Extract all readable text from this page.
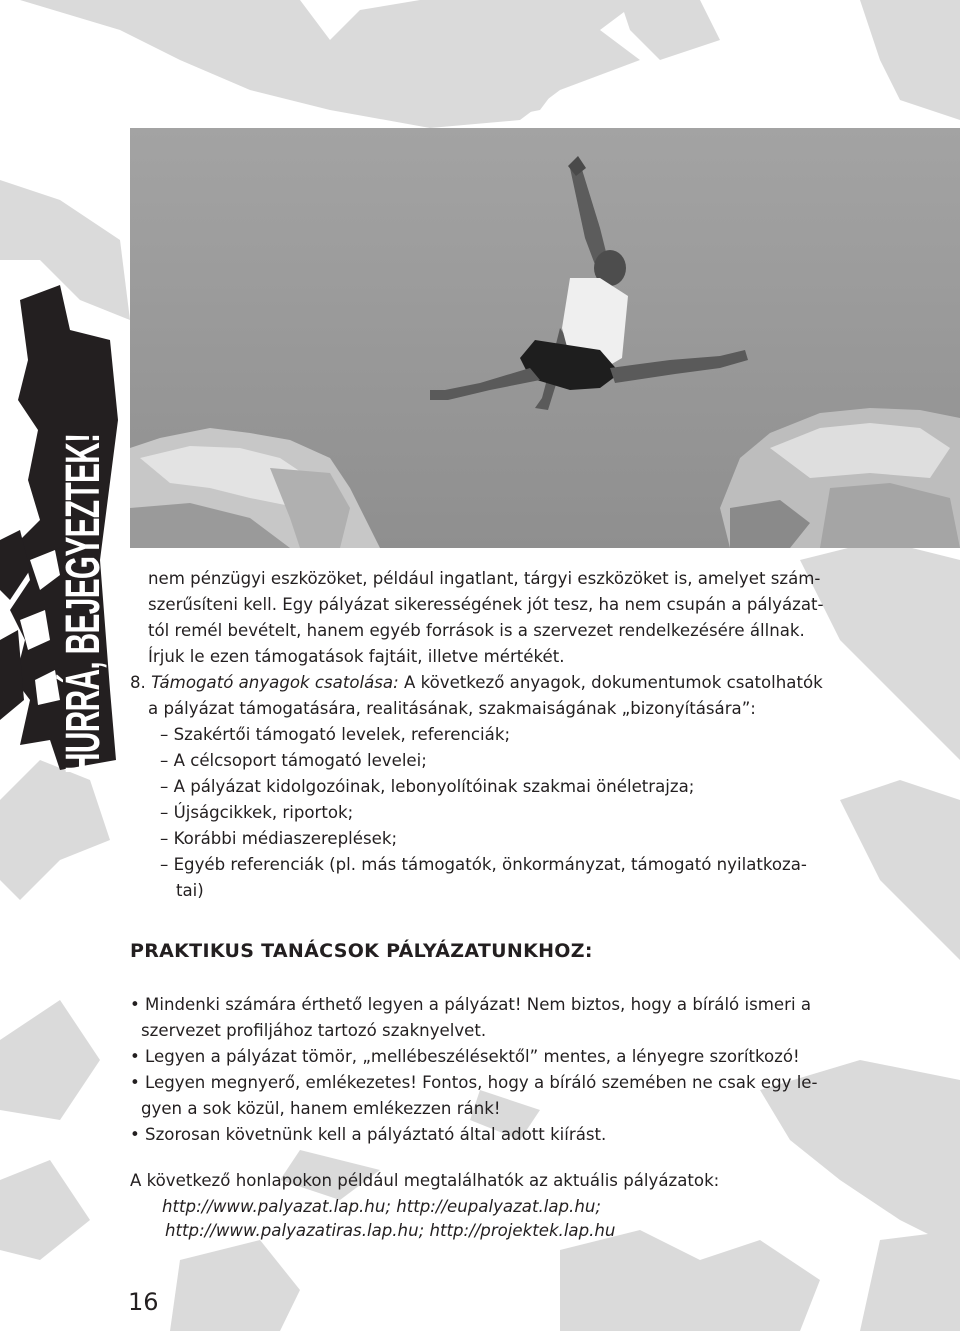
HURRÁ, BEJEGYEZTEK! nem pénzügyi eszközöket, például ingatlant, tárgyi eszközöket is, amelyet szám-
szerűsíteni kell. Egy pályázat sikerességének jót tesz, ha nem csupán a pályázat-
tól remél bevételt, hanem egyéb források is a szervezet rendelkezésére állnak.
Írjuk le ezen támogatások fajtáit, illetve mértékét.
8. Támogató anyagok csatolása: A következő anyagok, dokumentumok csatolhatók
a pályázat támogatására, realitásának, szakmaiságának „bizonyítására”:
– Szakértői támogató levelek, referenciák;
– A célcsoport támogató levelei;
– A pályázat kidolgozóinak, lebonyolítóinak szakmai önéletrajza;
– Újságcikkek, riportok;
– Korábbi médiaszereplések;
– Egyéb referenciák (pl. más támogatók, önkormányzat, támogató nyilatkoza-
tai)
PRAKTIKUS TANÁCSOK PÁLYÁZATUNKHOZ:
• Mindenki számára érthető legyen a pályázat! Nem biztos, hogy a bíráló ismeri a
szervezet profiljához tartozó szaknyelvet.
• Legyen a pályázat tömör, „mellébeszélésektől” mentes, a lényegre szorítkozó!
• Legyen megnyerő, emlékezetes! Fontos, hogy a bíráló szemében ne csak egy le-
gyen a sok közül, hanem emlékezzen ránk!
• Szorosan követnünk kell a pályáztató által adott kiírást.
A következő honlapokon például megtalálhatók az aktuális pályázatok:
http://www.palyazat.lap.hu; http://eupalyazat.lap.hu;
http://www.palyazatiras.lap.hu; http://projektek.lap.hu
16
